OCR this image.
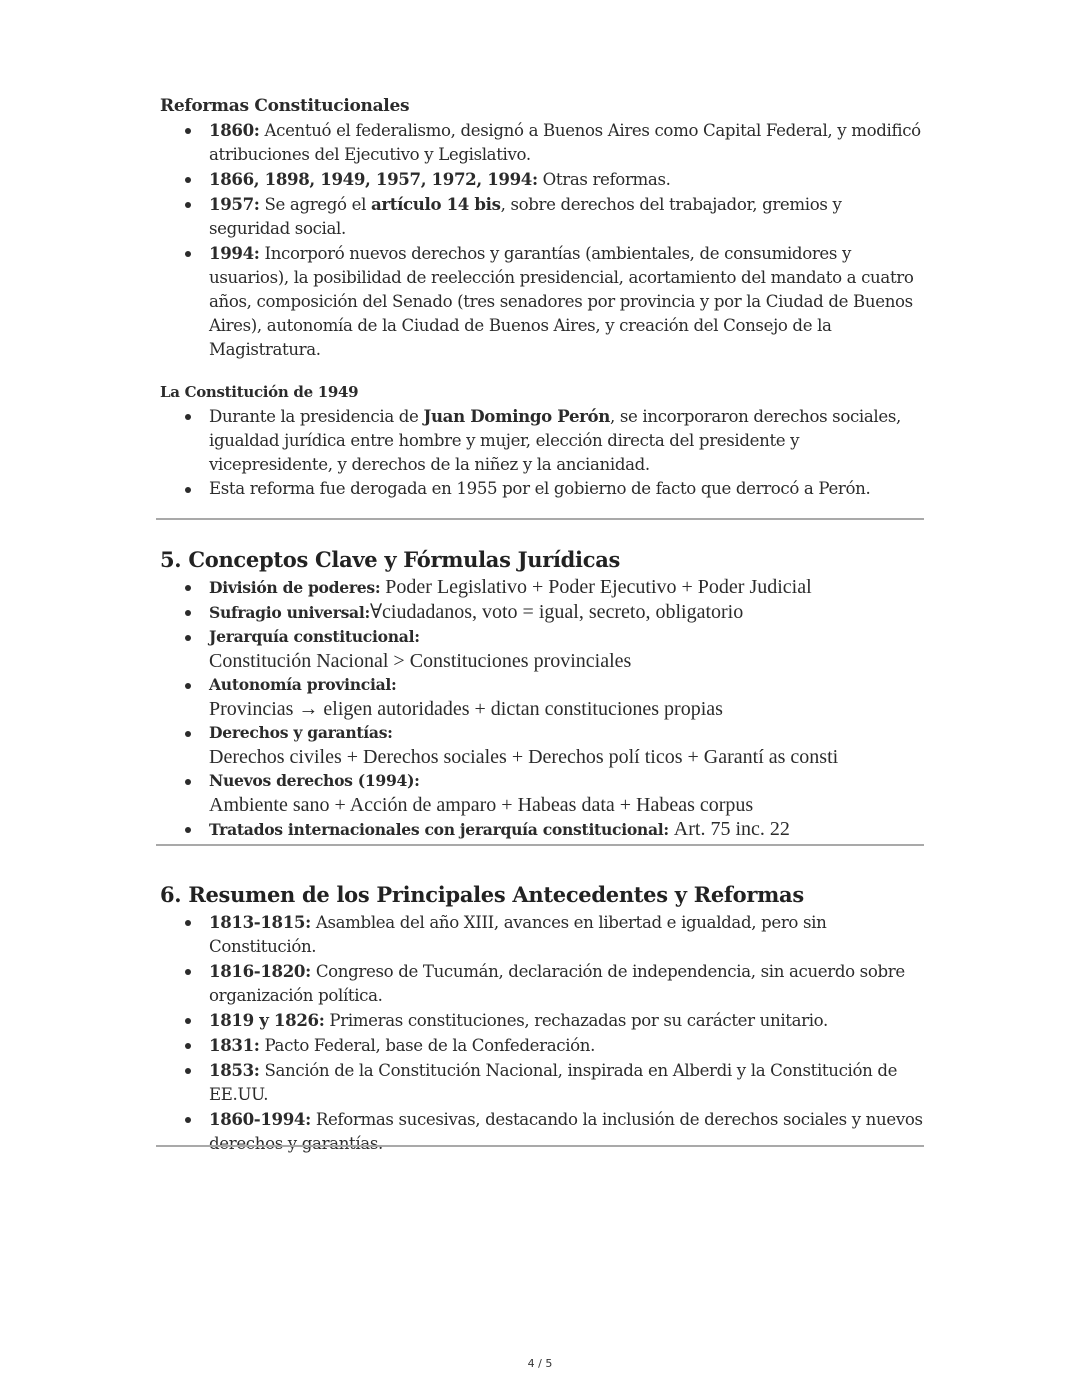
Reformas Constitucionales
1860: Acentuó el federalismo, designó a Buenos Aires como Capital Federal, y modificó atribuciones del Ejecutivo y Legislativo.
1866, 1898, 1949, 1957, 1972, 1994: Otras reformas.
1957: Se agregó el artículo 14 bis, sobre derechos del trabajador, gremios y seguridad social.
1994: Incorporó nuevos derechos y garantías (ambientales, de consumidores y usuarios), la posibilidad de reelección presidencial, acortamiento del mandato a cuatro años, composición del Senado (tres senadores por provincia y por la Ciudad de Buenos Aires), autonomía de la Ciudad de Buenos Aires, y creación del Consejo de la Magistratura.
La Constitución de 1949
Durante la presidencia de Juan Domingo Perón, se incorporaron derechos sociales, igualdad jurídica entre hombre y mujer, elección directa del presidente y vicepresidente, y derechos de la niñez y la ancianidad.
Esta reforma fue derogada en 1955 por el gobierno de facto que derrocó a Perón.
5. Conceptos Clave y Fórmulas Jurídicas
División de poderes: Poder Legislativo + Poder Ejecutivo + Poder Judicial
Sufragio universal:∀ciudadanos, voto = igual, secreto, obligatorio
Jerarquía constitucional:
Constitución Nacional > Constituciones provinciales
Autonomía provincial:
Provincias → eligen autoridades + dictan constituciones propias
Derechos y garantías:
Derechos civiles + Derechos sociales + Derechos polí ticos + Garantí as consti
Nuevos derechos (1994):
Ambiente sano + Acción de amparo + Habeas data + Habeas corpus
Tratados internacionales con jerarquía constitucional: Art. 75 inc. 22
6. Resumen de los Principales Antecedentes y Reformas
1813-1815: Asamblea del año XIII, avances en libertad e igualdad, pero sin Constitución.
1816-1820: Congreso de Tucumán, declaración de independencia, sin acuerdo sobre organización política.
1819 y 1826: Primeras constituciones, rechazadas por su carácter unitario.
1831: Pacto Federal, base de la Confederación.
1853: Sanción de la Constitución Nacional, inspirada en Alberdi y la Constitución de EE.UU.
1860-1994: Reformas sucesivas, destacando la inclusión de derechos sociales y nuevos derechos y garantías.
4 / 5
